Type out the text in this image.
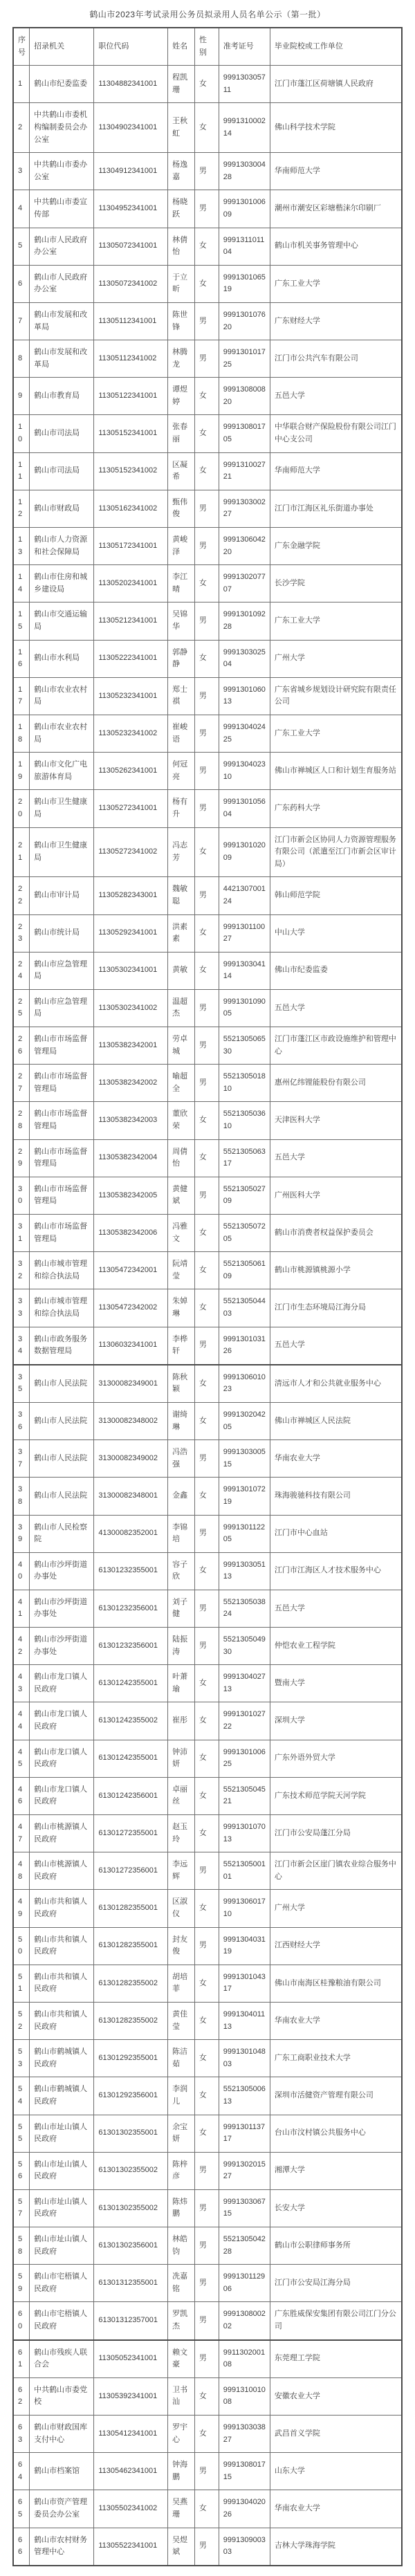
鹤山市2023年考试录用公务员拟录用人员名单公示（第一批）
序号	招录机关	职位代码	姓名	性别	准考证号	毕业院校或工作单位
1	鹤山市纪委监委	11304882341001	程凯珊	女	999130305711	江门市蓬江区荷塘镇人民政府
2	中共鹤山市委机构编制委员会办公室	11304902341001	王秋虹	女	999131000214	佛山科学技术学院
3	中共鹤山市委办公室	11304912341001	杨逸嘉	男	999130300428	华南师范大学
4	中共鹤山市委宣传部	11304952341001	杨晓跃	男	999130100609	潮州市潮安区彩塘楷涞尔印刷厂
5	鹤山市人民政府办公室	11305072341001	林倩怡	女	999131101104	鹤山市机关事务管理中心
6	鹤山市人民政府办公室	11305072341002	于立昕	女	999130106519	广东工业大学
7	鹤山市发展和改革局	11305112341001	陈世锋	男	999130107620	广东财经大学
8	鹤山市发展和改革局	11305112341002	林腾龙	男	999130101725	江门市公共汽车有限公司
9	鹤山市教育局	11305122341001	谭煜婷	女	999130800820	五邑大学
10	鹤山市司法局	11305152341001	张春丽	女	999130801705	中华联合财产保险股份有限公司江门中心支公司
11	鹤山市司法局	11305152341002	区凝希	女	999131002721	华南师范大学
12	鹤山市财政局	11305162341002	甄伟俊	男	999130300227	江门市江海区礼乐街道办事处
13	鹤山市人力资源和社会保障局	11305172341001	黄峻泽	男	999130604220	广东金融学院
14	鹤山市住房和城乡建设局	11305202341001	李江晴	女	999130207707	长沙学院
15	鹤山市交通运输局	11305212341001	吴锦华	男	999130109228	广东工业大学
16	鹤山市水利局	11305222341001	郭静静	女	999130302504	广州大学
17	鹤山市农业农村局	11305232341001	郑士祺	男	999130106013	广东省城乡规划设计研究院有限责任公司
18	鹤山市农业农村局	11305232341002	崔峻语	男	999130402425	广东工业大学
19	鹤山市文化广电旅游体育局	11305262341001	何冠亮	男	999130402310	佛山市禅城区人口和计划生育服务站
20	鹤山市卫生健康局	11305272341001	杨有升	男	999130105604	广东药科大学
21	鹤山市卫生健康局	11305272341002	冯志芳	女	999130102009	江门市新会区协同人力资源管理服务有限公司（派遣至江门市新会区审计局）
22	鹤山市审计局	11305282343001	魏敏聪	男	442130700124	韩山师范学院
23	鹤山市统计局	11305292341001	洪素素	女	999130110027	中山大学
24	鹤山市应急管理局	11305302341001	黄敏	女	999130304114	佛山市纪委监委
25	鹤山市应急管理局	11305302341002	温超杰	男	999130109005	五邑大学
26	鹤山市市场监督管理局	11305382342001	劳卓城	男	552130506530	江门市蓬江区市政设施维护和管理中心
27	鹤山市市场监督管理局	11305382342002	喻超全	男	552130501810	惠州亿纬锂能股份有限公司
28	鹤山市市场监督管理局	11305382342003	董欣荣	女	552130503610	天津医科大学
29	鹤山市市场监督管理局	11305382342004	周倩怡	女	552130506317	五邑大学
30	鹤山市市场监督管理局	11305382342005	黄健斌	男	552130502709	广州医科大学
31	鹤山市市场监督管理局	11305382342006	冯雅文	女	552130507205	鹤山市消费者权益保护委员会
32	鹤山市城市管理和综合执法局	11305472342001	阮靖莹	女	552130506109	鹤山市桃源镇桃源小学
33	鹤山市城市管理和综合执法局	11305472342002	朱婥琳	女	552130504403	江门市生态环境局江海分局
34	鹤山市政务服务数据管理局	11306032341001	李桦轩	男	999130103126	五邑大学
35	鹤山市人民法院	31300082349001	陈秋颖	女	999130601023	清远市人才和公共就业服务中心
36	鹤山市人民法院	31300082348002	谢绮琳	女	999130204205	佛山市禅城区人民法院
37	鹤山市人民法院	31300082349002	冯浩强	男	999130300515	华南农业大学
38	鹤山市人民法院	31300082348001	金鑫	女	999130107219	珠海骏驰科技有限公司
39	鹤山市人民检察院	41300082352001	李锦培	男	999130112205	江门市中心血站
40	鹤山市沙坪街道办事处	61301232355001	容子欣	女	999130305113	江门市江海区人才技术服务中心
41	鹤山市沙坪街道办事处	61301232356001	刘子健	男	552130503824	五邑大学
42	鹤山市沙坪街道办事处	61301232356001	陆振涛	男	552130504930	仲恺农业工程学院
43	鹤山市龙口镇人民政府	61301242355001	叶萧瑜	女	999130402713	暨南大学
44	鹤山市龙口镇人民政府	61301242355002	崔彤	女	999130102722	深圳大学
45	鹤山市龙口镇人民政府	61301242355001	钟沛妍	女	999130100625	广东外语外贸大学
46	鹤山市龙口镇人民政府	61301242356001	卓丽丝	女	552130504521	广东技术师范学院天河学院
47	鹤山市桃源镇人民政府	61301272355001	赵玉玲	女	999130107013	江门市公安局蓬江分局
48	鹤山市桃源镇人民政府	61301272356001	李远辉	男	552130500101	江门市新会区崖门镇农业综合服务中心
49	鹤山市共和镇人民政府	61301282355001	区淑仪	女	999130601710	广州大学
50	鹤山市共和镇人民政府	61301282355001	封友俊	男	999130403119	江西财经大学
51	鹤山市共和镇人民政府	61301282355002	胡培菲	女	999130104317	佛山市南海区桂豫粮油有限公司
52	鹤山市共和镇人民政府	61301282355002	黄佳莹	女	999130401113	华南农业大学
53	鹤山市鹤城镇人民政府	61301292355001	陈洁茹	女	999130104803	广东工商职业技术大学
54	鹤山市鹤城镇人民政府	61301292356001	李润儿	女	552130500613	深圳市活健资产管理有限公司
55	鹤山市址山镇人民政府	61301302355001	余宝妍	女	999130113717	台山市汶村镇公共服务中心
56	鹤山市址山镇人民政府	61301302355002	陈梓彦	男	999130201527	湘潭大学
57	鹤山市址山镇人民政府	61301302355002	陈炜鹏	男	999130306715	长安大学
58	鹤山市址山镇人民政府	61301302356001	林皓钧	男	552130504228	鹤山市公职律师事务所
59	鹤山市宅梧镇人民政府	61301312355001	冼嘉铭	男	999130112906	江门市公安局江海分局
60	鹤山市宅梧镇人民政府	61301312357001	罗凯杰	男	999130800202	广东胜威保安集团有限公司江门分公司
61	鹤山市残疾人联合会	11305052341001	赖文豪	男	991130200108	东莞理工学院
62	中共鹤山市委党校	11305392341001	卫书汕	女	999131001008	安徽农业大学
63	鹤山市财政国库支付中心	11305412341001	罗宇心	女	999130303827	武昌首义学院
64	鹤山市档案馆	11305462341001	钟海鹏	男	999130801715	山东大学
65	鹤山市资产管理委员会办公室	11305502341002	吴燕珊	女	999130402026	华南农业大学
66	鹤山市农村财务管理中心	11305522341001	吴煜斌	男	999130900303	吉林大学珠海学院
